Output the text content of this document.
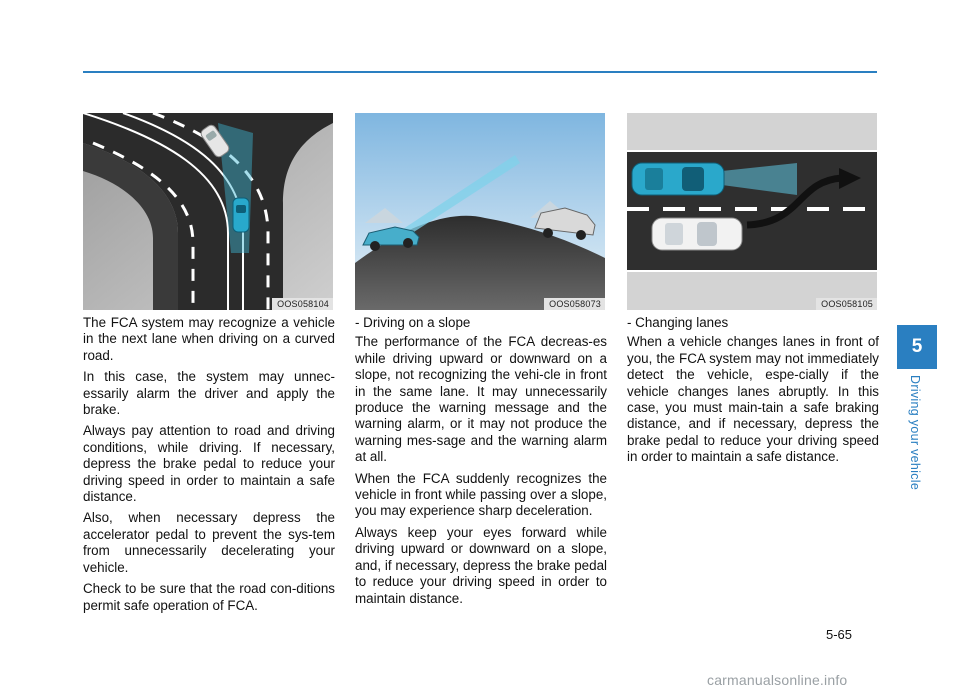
OOS058104	OOS058073	OOS058105

The FCA system may recognize a vehicle in the next lane when driving on a curved road.

In this case, the system may unnec-essarily alarm the driver and apply the brake.

Always pay attention to road and driving conditions, while driving. If necessary, depress the brake pedal to reduce your driving speed in order to maintain a safe distance.

Also, when necessary depress the accelerator pedal to prevent the sys-tem from unnecessarily decelerating your vehicle.

Check to be sure that the road con-ditions permit safe operation of FCA.

- Driving on a slope

The performance of the FCA decreas-es while driving upward or downward on a slope, not recognizing the vehi-cle in front in the same lane. It may unnecessarily produce the warning message and the warning alarm, or it may not produce the warning mes-sage and the warning alarm at all.

When the FCA suddenly recognizes the vehicle in front while passing over a slope, you may experience sharp deceleration.

Always keep your eyes forward while driving upward or downward on a slope, and, if necessary, depress the brake pedal to reduce your driving speed in order to maintain distance.

- Changing lanes

When a vehicle changes lanes in front of you, the FCA system may not immediately detect the vehicle, espe-cially if the vehicle changes lanes abruptly. In this case, you must main-tain a safe braking distance, and if necessary, depress the brake pedal to reduce your driving speed in order to maintain a safe distance.

5
Driving your vehicle
5-65
carmanualsonline.info
